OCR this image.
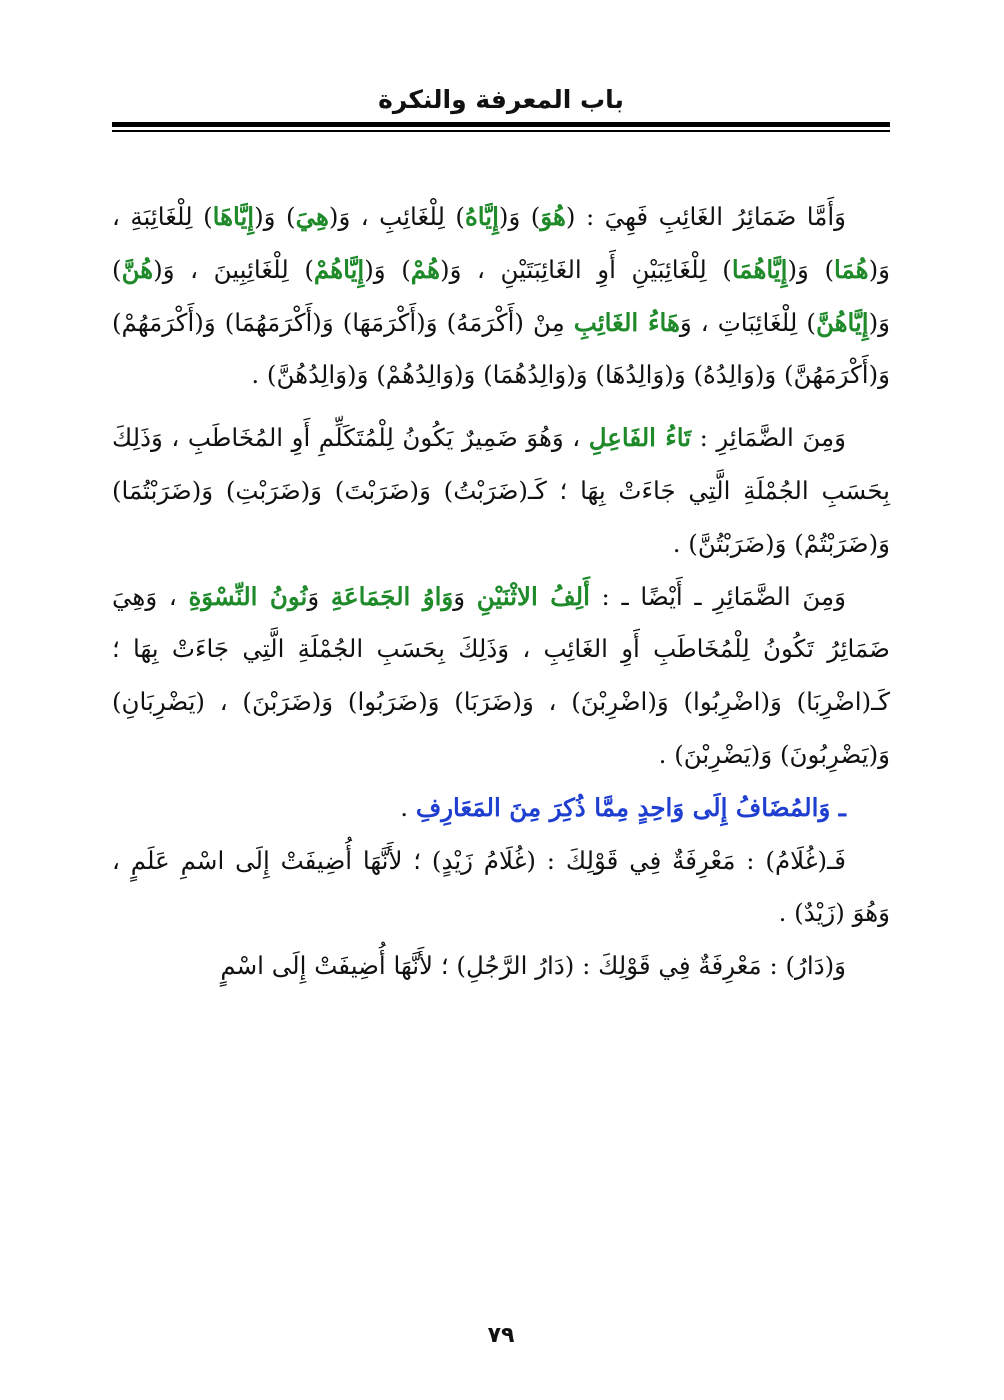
باب المعرفة والنكرة

وَأَمَّا ضَمَائِرُ الغَائِبِ فَهِيَ : (هُوَ) وَ(إِيَّاهُ) لِلْغَائِبِ ، وَ(هِيَ) وَ(إِيَّاهَا) لِلْغَائِبَةِ ، وَ(هُمَا) وَ(إِيَّاهُمَا) لِلْغَائِبَيْنِ أَوِ الغَائِبَتَيْنِ ، وَ(هُمْ) وَ(إِيَّاهُمْ) لِلْغَائِبِينَ ، وَ(هُنَّ) وَ(إِيَّاهُنَّ) لِلْغَائِبَاتِ ، وَهَاءُ الغَائِبِ مِنْ (أَكْرَمَهُ) وَ(أَكْرَمَهَا) وَ(أَكْرَمَهُمَا) وَ(أَكْرَمَهُمْ) وَ(أَكْرَمَهُنَّ) وَ(وَالِدُهُ) وَ(وَالِدُهَا) وَ(وَالِدُهُمَا) وَ(وَالِدُهُمْ) وَ(وَالِدُهُنَّ) .

وَمِنَ الضَّمَائِرِ : تَاءُ الفَاعِلِ ، وَهُوَ ضَمِيرٌ يَكُونُ لِلْمُتَكَلِّمِ أَوِ المُخَاطَبِ ، وَذَلِكَ بِحَسَبِ الجُمْلَةِ الَّتِي جَاءَتْ بِهَا ؛ كَـ(ضَرَبْتُ) وَ(ضَرَبْتَ) وَ(ضَرَبْتِ) وَ(ضَرَبْتُمَا) وَ(ضَرَبْتُمْ) وَ(ضَرَبْتُنَّ) .

وَمِنَ الضَّمَائِرِ ـ أَيْضًا ـ : أَلِفُ الاثْنَيْنِ وَوَاوُ الجَمَاعَةِ وَنُونُ النِّسْوَةِ ، وَهِيَ ضَمَائِرُ تَكُونُ لِلْمُخَاطَبِ أَوِ الغَائِبِ ، وَذَلِكَ بِحَسَبِ الجُمْلَةِ الَّتِي جَاءَتْ بِهَا ؛ كَـ(اضْرِبَا) وَ(اضْرِبُوا) وَ(اضْرِبْنَ) ، وَ(ضَرَبَا) وَ(ضَرَبُوا) وَ(ضَرَبْنَ) ، (يَضْرِبَانِ) وَ(يَضْرِبُونَ) وَ(يَضْرِبْنَ) .

ـ وَالمُضَافُ إِلَى وَاحِدٍ مِمَّا ذُكِرَ مِنَ المَعَارِفِ .

فَـ(غُلَامُ) : مَعْرِفَةٌ فِي قَوْلِكَ : (غُلَامُ زَيْدٍ) ؛ لأَنَّهَا أُضِيفَتْ إِلَى اسْمِ عَلَمٍ ، وَهُوَ (زَيْدٌ) .

وَ(دَارُ) : مَعْرِفَةٌ فِي قَوْلِكَ : (دَارُ الرَّجُلِ) ؛ لأَنَّهَا أُضِيفَتْ إِلَى اسْمٍ

٧٩
